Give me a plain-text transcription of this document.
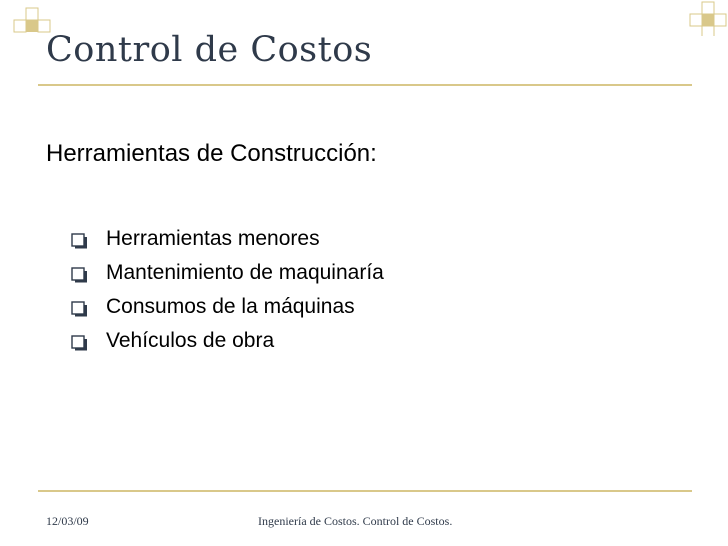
Control de Costos
Herramientas de Construcción:
Herramientas menores
Mantenimiento de maquinaría
Consumos de la máquinas
Vehículos de obra
12/03/09	Ingeniería de Costos. Control de Costos.
